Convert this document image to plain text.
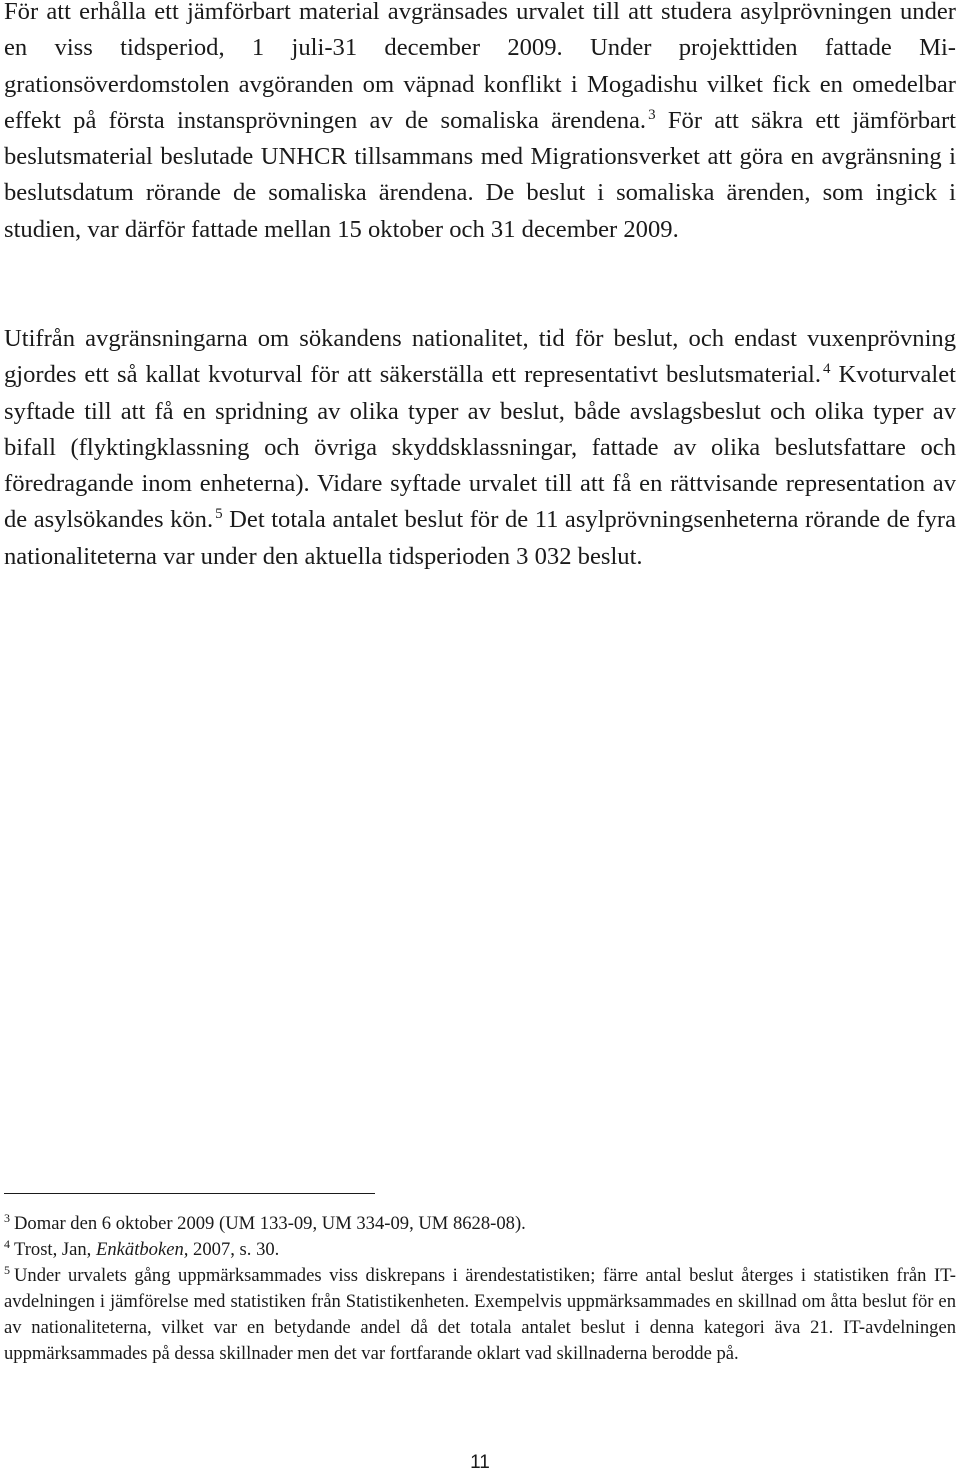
För att erhålla ett jämförbart material avgränsades urvalet till att studera asylprövningen under en viss tidsperiod, 1 juli-31 december 2009. Under projekttiden fattade Migrationsöverdomstolen avgöranden om väpnad konflikt i Mogadishu vilket fick en omedelbar effekt på första instansprövningen av de somaliska ärendena. $^3$ För att säkra ett jämförbart beslutsmaterial beslutade UNHCR tillsammans med Migrationsverket att göra en avgränsning i beslutsdatum rörande de somaliska ärendena. De beslut i somaliska ärenden, som ingick i studien, var därför fattade mellan 15 oktober och 31 december 2009.

Utifrån avgränsningarna om sökandens nationalitet, tid för beslut, och endast vuxenprövning gjordes ett så kallat kvoturval för att säkerställa ett representativt beslutsmaterial. $^4$ Kvoturvalet syftade till att få en spridning av olika typer av beslut, både avslagsbeslut och olika typer av bifall (flyktingklassning och övriga skyddsklassningar, fattade av olika beslutsfattare och föredragande inom enheterna). Vidare syftade urvalet till att få en rättvisande representation av de asylsökandes kön. $^5$ Det totala antalet beslut för de 11 asylprövningsenheterna rörande de fyra nationaliteterna var under den aktuella tidsperioden 3 032 beslut.

$^3$ Domar den 6 oktober 2009 (UM 133-09, UM 334-09, UM 8628-08).

$^4$ Trost, Jan, Enkätboken, 2007, s. 30.

$^5$ Under urvalets gång uppmärksammades viss diskrepans i ärendestatistiken; färre antal beslut återges i statistiken från IT-avdelningen i jämförelse med statistiken från Statistikenheten. Exempelvis uppmärksammades en skillnad om åtta beslut för en av nationaliteterna, vilket var en betydande andel då det totala antalet beslut i denna kategori äva 21. IT-avdelningen uppmärksammades på dessa skillnader men det var fortfarande oklart vad skillnaderna berodde på.

11
